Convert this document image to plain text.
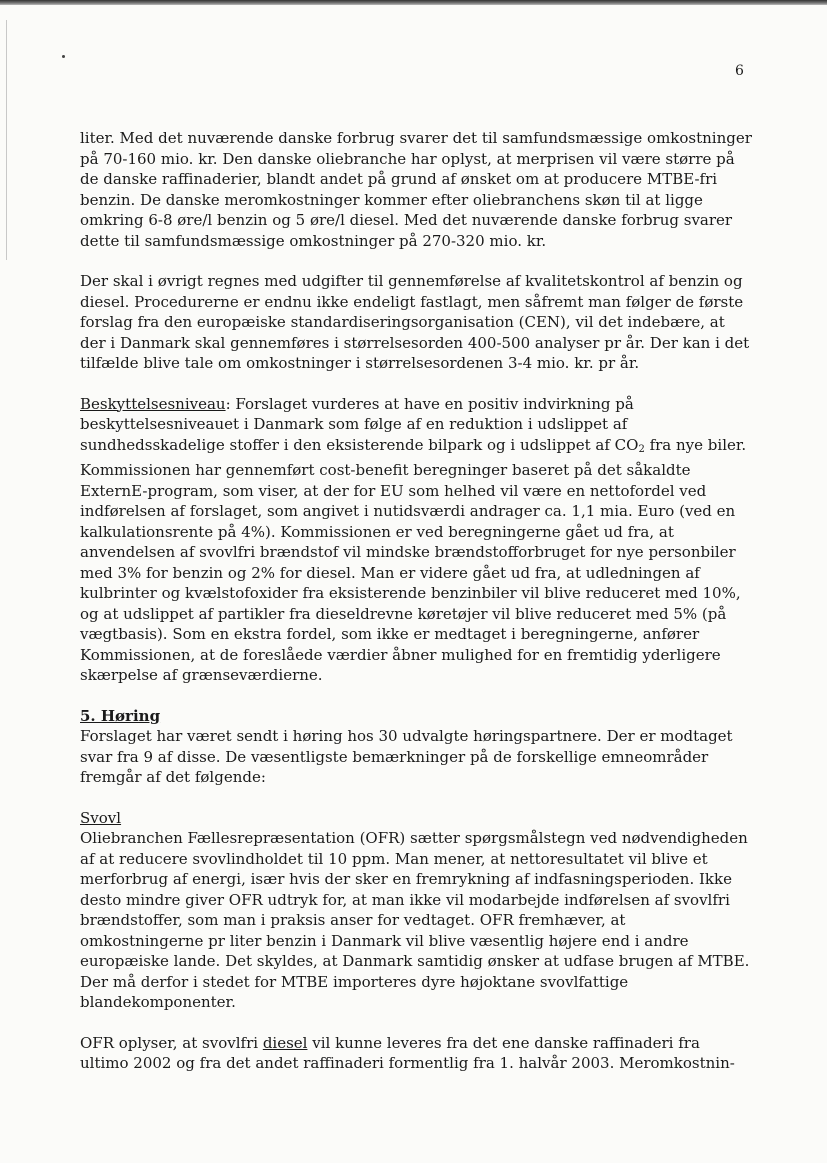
6

liter. Med det nuværende danske forbrug svarer det til samfundsmæssige omkostninger på 70-160 mio. kr. Den danske oliebranche har oplyst, at merprisen vil være større på de danske raffinaderier, blandt andet på grund af ønsket om at producere MTBE-fri benzin. De danske meromkostninger kommer efter oliebranchens skøn til at ligge omkring 6-8 øre/l benzin og 5 øre/l diesel. Med det nuværende danske forbrug svarer dette til samfundsmæssige omkostninger på 270-320 mio. kr.

Der skal i øvrigt regnes med udgifter til gennemførelse af kvalitetskontrol af benzin og diesel. Procedurerne er endnu ikke endeligt fastlagt, men såfremt man følger de første forslag fra den europæiske standardiseringsorganisation (CEN), vil det indebære, at der i Danmark skal gennemføres i størrelsesorden 400-500 analyser pr år. Der kan i det tilfælde blive tale om omkostninger i størrelsesordenen 3-4 mio. kr. pr år.

Beskyttelsesniveau: Forslaget vurderes at have en positiv indvirkning på beskyttelsesniveauet i Danmark som følge af en reduktion i udslippet af sundhedsskadelige stoffer i den eksisterende bilpark og i udslippet af $CO_2$ fra nye biler. Kommissionen har gennemført cost-benefit beregninger baseret på det såkaldte ExternE-program, som viser, at der for EU som helhed vil være en nettofordel ved indførelsen af forslaget, som angivet i nutidsværdi andrager ca. 1,1 mia. Euro (ved en kalkulationsrente på 4%). Kommissionen er ved beregningerne gået ud fra, at anvendelsen af svovlfri brændstof vil mindske brændstofforbruget for nye personbiler med 3% for benzin og 2% for diesel. Man er videre gået ud fra, at udledningen af kulbrinter og kvælstofoxider fra eksisterende benzinbiler vil blive reduceret med 10%, og at udslippet af partikler fra dieseldrevne køretøjer vil blive reduceret med 5% (på vægtbasis). Som en ekstra fordel, som ikke er medtaget i beregningerne, anfører Kommissionen, at de foreslåede værdier åbner mulighed for en fremtidig yderligere skærpelse af grænseværdierne.

5. Høring

Forslaget har været sendt i høring hos 30 udvalgte høringspartnere. Der er modtaget svar fra 9 af disse. De væsentligste bemærkninger på de forskellige emneområder fremgår af det følgende:

Svovl

Oliebranchen Fællesrepræsentation (OFR) sætter spørgsmålstegn ved nødvendigheden af at reducere svovlindholdet til 10 ppm. Man mener, at nettoresultatet vil blive et merforbrug af energi, især hvis der sker en fremrykning af indfasningsperioden. Ikke desto mindre giver OFR udtryk for, at man ikke vil modarbejde indførelsen af svovlfri brændstoffer, som man i praksis anser for vedtaget. OFR fremhæver, at omkostningerne pr liter benzin i Danmark vil blive væsentlig højere end i andre europæiske lande. Det skyldes, at Danmark samtidig ønsker at udfase brugen af MTBE. Der må derfor i stedet for MTBE importeres dyre højoktane svovlfattige blandekomponenter.

OFR oplyser, at svovlfri diesel vil kunne leveres fra det ene danske raffinaderi fra ultimo 2002 og fra det andet raffinaderi formentlig fra 1. halvår 2003. Meromkostnin-
